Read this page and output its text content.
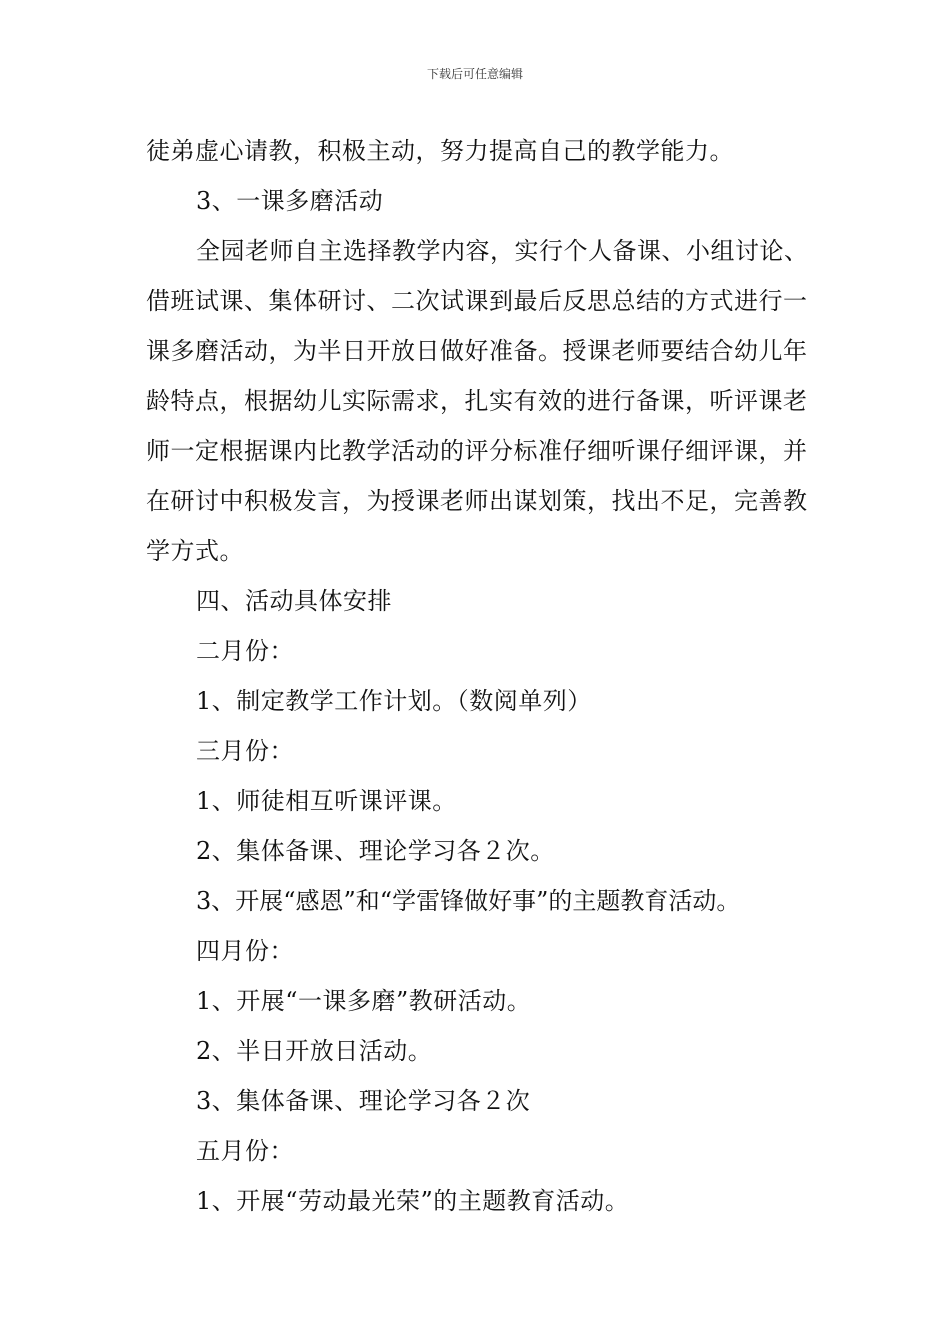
下载后可任意编辑

徒弟虚心请教，积极主动，努力提高自己的教学能力。

3、一课多磨活动

全园老师自主选择教学内容，实行个人备课、小组讨论、借班试课、集体研讨、二次试课到最后反思总结的方式进行一课多磨活动，为半日开放日做好准备。授课老师要结合幼儿年龄特点，根据幼儿实际需求，扎实有效的进行备课，听评课老师一定根据课内比教学活动的评分标准仔细听课仔细评课，并在研讨中积极发言，为授课老师出谋划策，找出不足，完善教学方式。

四、活动具体安排

二月份：

1、制定教学工作计划。（数阅单列）

三月份：

1、师徒相互听课评课。

2、集体备课、理论学习各２次。

3、开展“感恩”和“学雷锋做好事”的主题教育活动。

四月份：

1、开展“一课多磨”教研活动。

2、半日开放日活动。

3、集体备课、理论学习各２次

五月份：

1、开展“劳动最光荣”的主题教育活动。
